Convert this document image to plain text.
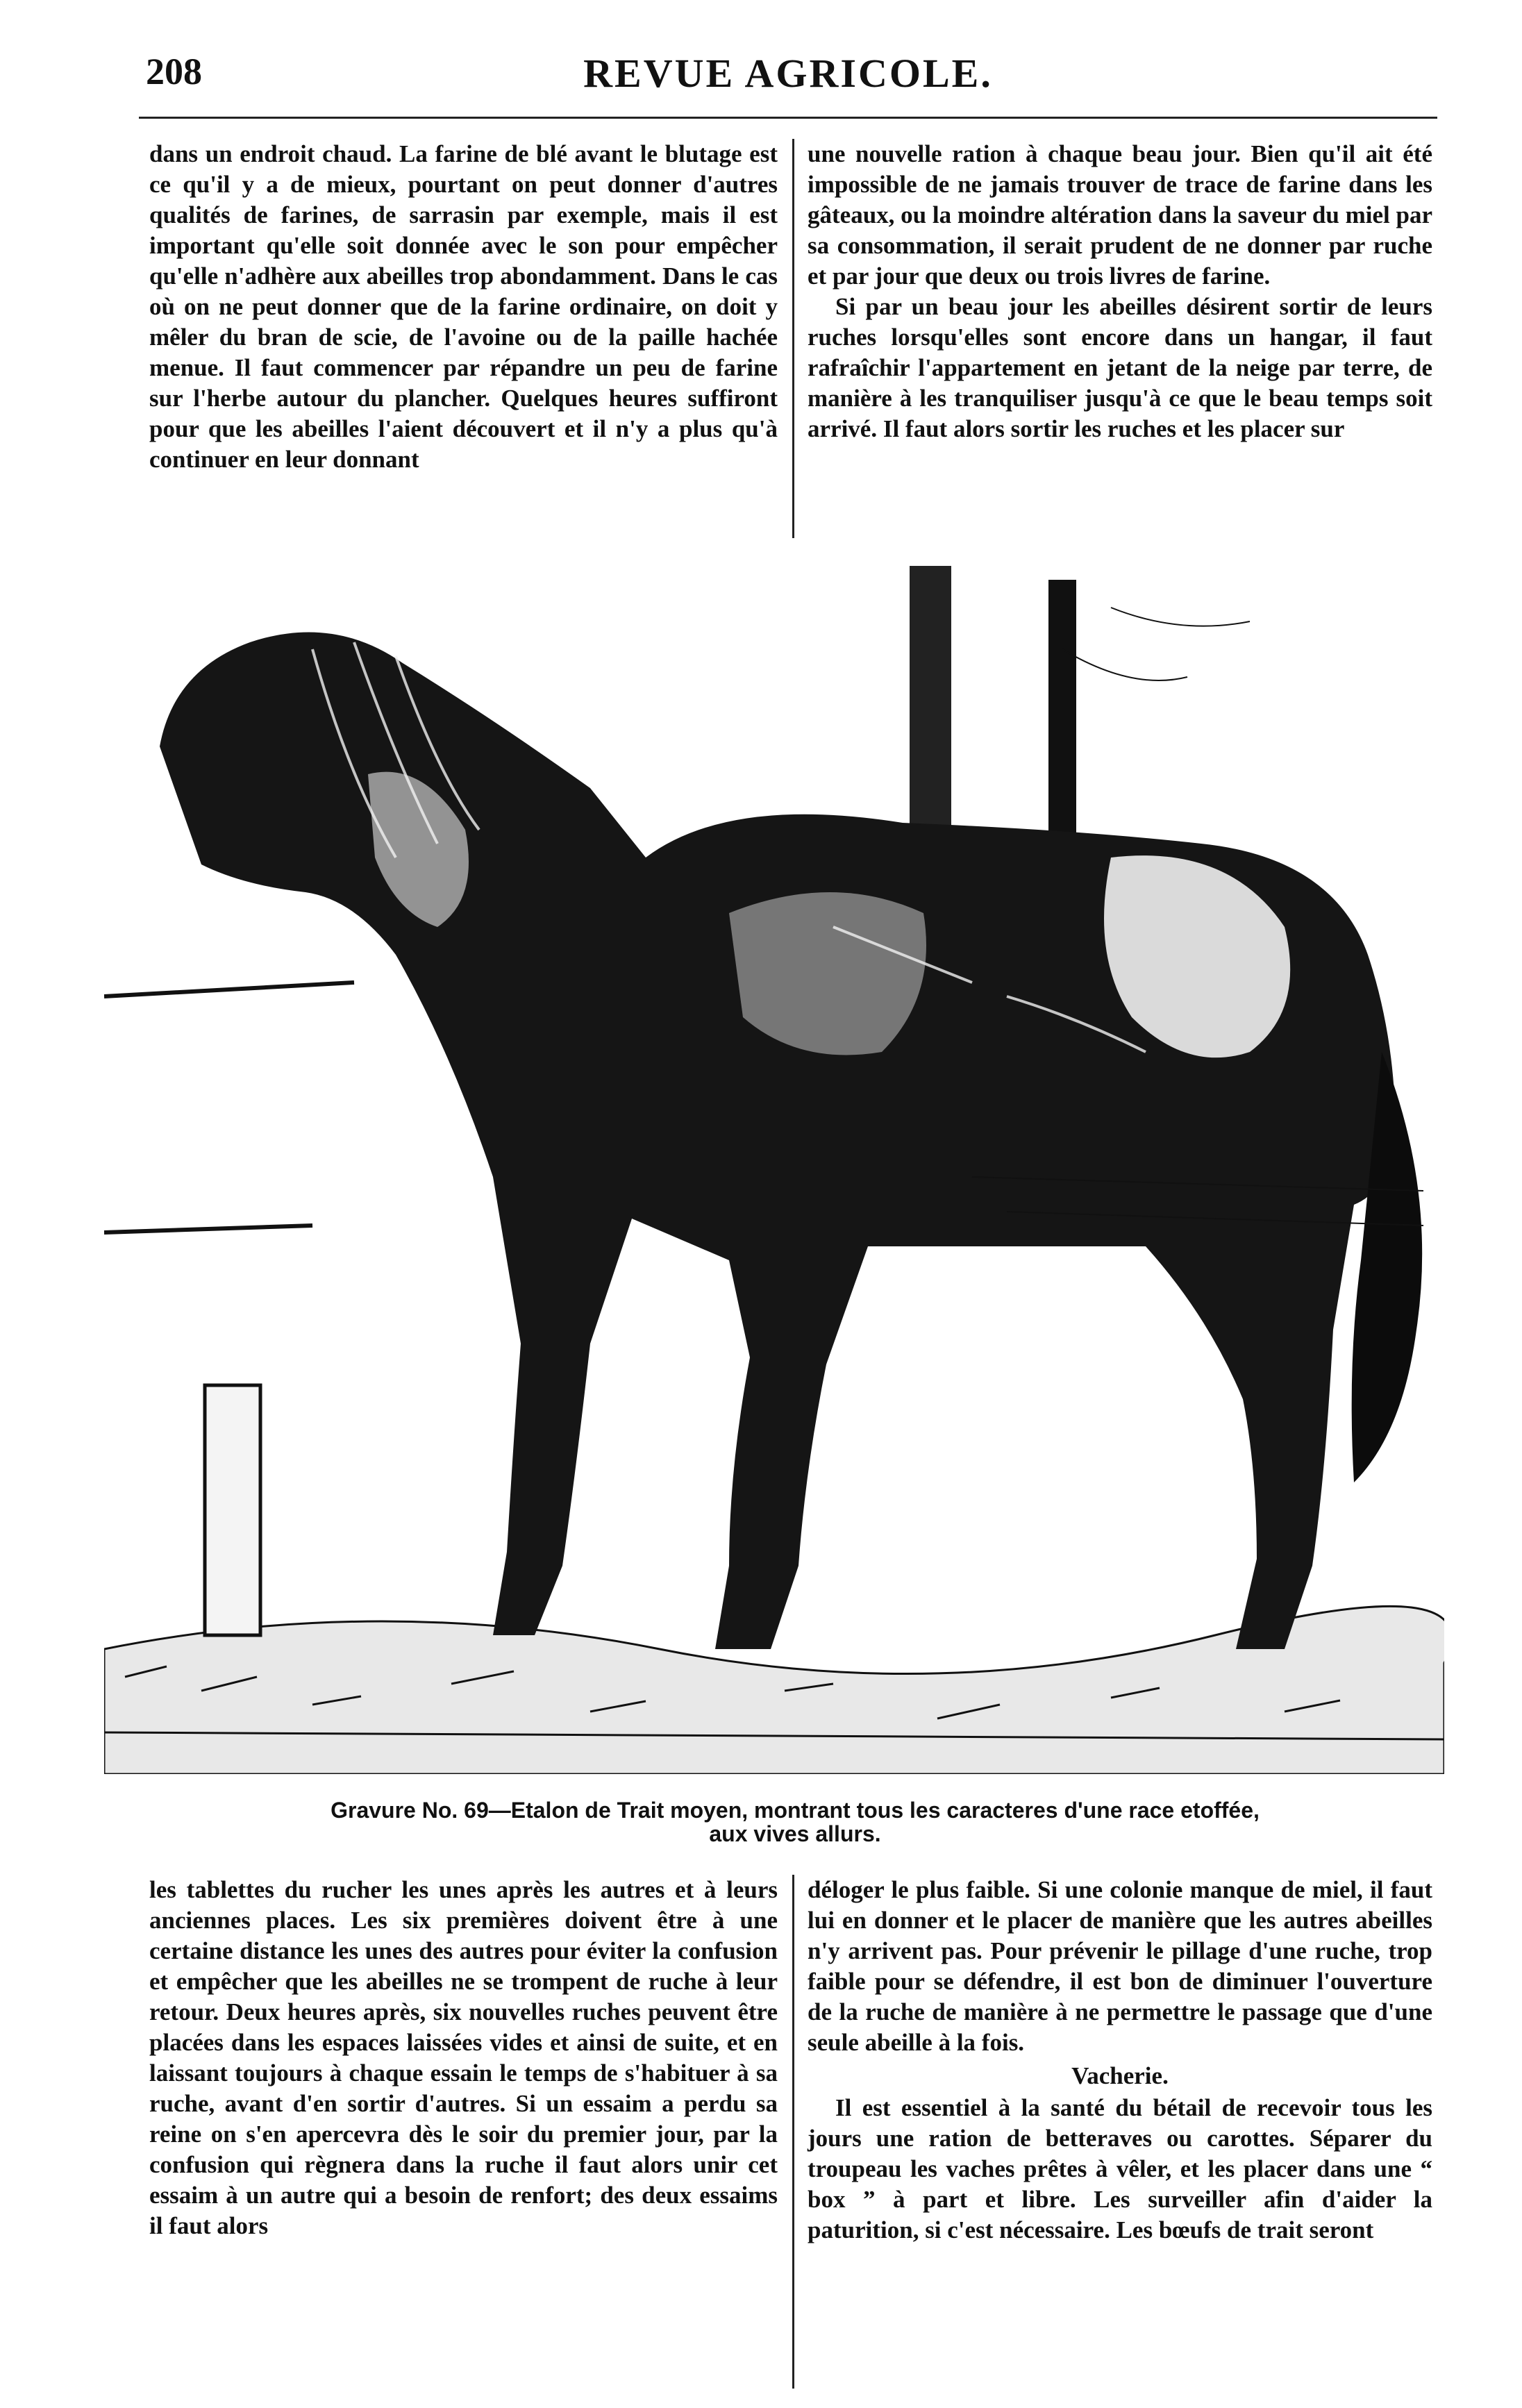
208	REVUE AGRICOLE.

dans un endroit chaud. La farine de blé avant le blutage est ce qu'il y a de mieux, pourtant on peut donner d'autres qualités de farines, de sarrasin par exemple, mais il est important qu'elle soit donnée avec le son pour empêcher qu'elle n'adhère aux abeilles trop abondamment. Dans le cas où on ne peut donner que de la farine ordinaire, on doit y mêler du bran de scie, de l'avoine ou de la paille hachée menue. Il faut commencer par répandre un peu de farine sur l'herbe autour du plancher. Quelques heures suffiront pour que les abeilles l'aient découvert et il n'y a plus qu'à continuer en leur donnant

une nouvelle ration à chaque beau jour. Bien qu'il ait été impossible de ne jamais trouver de trace de farine dans les gâteaux, ou la moindre altération dans la saveur du miel par sa consommation, il serait prudent de ne donner par ruche et par jour que deux ou trois livres de farine.

Si par un beau jour les abeilles désirent sortir de leurs ruches lorsqu'elles sont encore dans un hangar, il faut rafraîchir l'appartement en jetant de la neige par terre, de manière à les tranquiliser jusqu'à ce que le beau temps soit arrivé. Il faut alors sortir les ruches et les placer sur

Gravure No. 69—Etalon de Trait moyen, montrant tous les caracteres d'une race etoffée,
aux vives allurs.

les tablettes du rucher les unes après les autres et à leurs anciennes places. Les six premières doivent être à une certaine distance les unes des autres pour éviter la confusion et empêcher que les abeilles ne se trompent de ruche à leur retour. Deux heures après, six nouvelles ruches peuvent être placées dans les espaces laissées vides et ainsi de suite, et en laissant toujours à chaque essain le temps de s'habituer à sa ruche, avant d'en sortir d'autres. Si un essaim a perdu sa reine on s'en apercevra dès le soir du premier jour, par la confusion qui règnera dans la ruche il faut alors unir cet essaim à un autre qui a besoin de renfort; des deux essaims il faut alors

déloger le plus faible. Si une colonie manque de miel, il faut lui en donner et le placer de manière que les autres abeilles n'y arrivent pas. Pour prévenir le pillage d'une ruche, trop faible pour se défendre, il est bon de diminuer l'ouverture de la ruche de manière à ne permettre le passage que d'une seule abeille à la fois.

Vacherie.

Il est essentiel à la santé du bétail de recevoir tous les jours une ration de betteraves ou carottes. Séparer du troupeau les vaches prêtes à vêler, et les placer dans une “ box ” à part et libre. Les surveiller afin d'aider la paturition, si c'est nécessaire. Les bœufs de trait seront
